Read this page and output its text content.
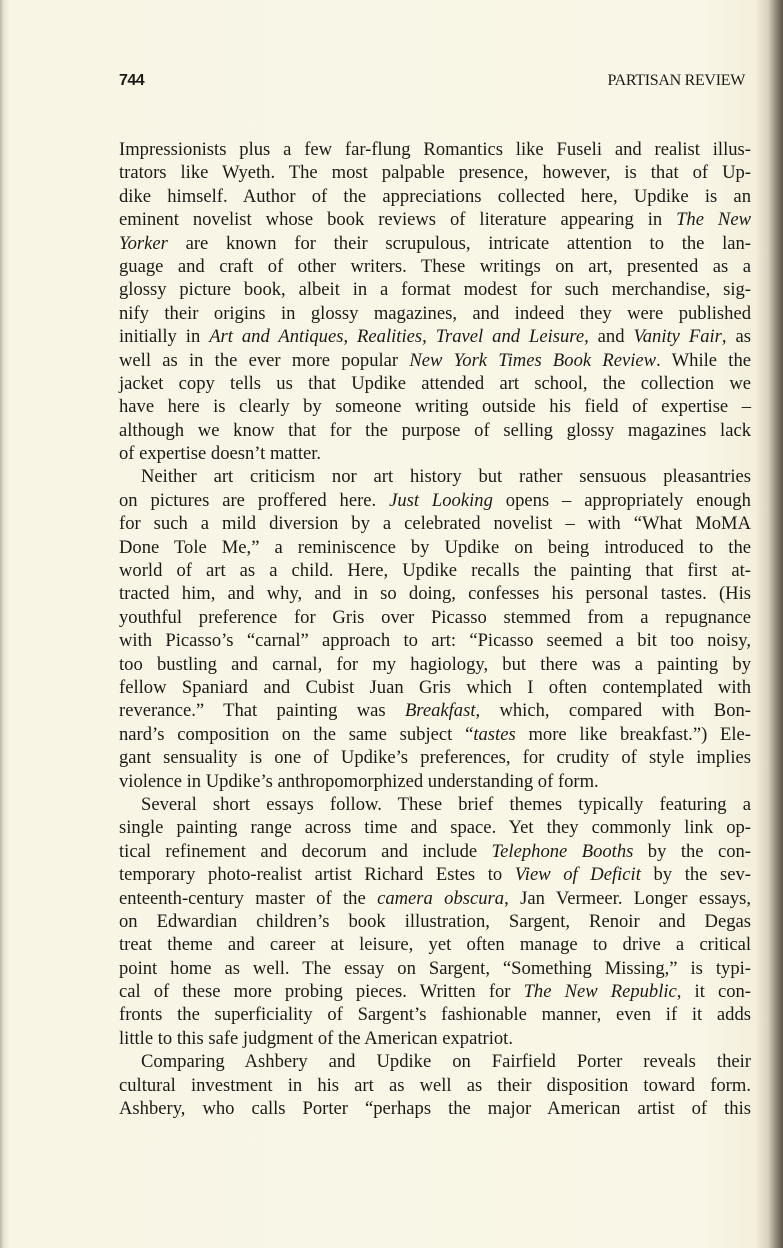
744	PARTISAN REVIEW
Impressionists plus a few far-flung Romantics like Fuseli and realist illus-
trators like Wyeth. The most palpable presence, however, is that of Up-
dike himself. Author of the appreciations collected here, Updike is an
eminent novelist whose book reviews of literature appearing in The New
Yorker are known for their scrupulous, intricate attention to the lan-
guage and craft of other writers. These writings on art, presented as a
glossy picture book, albeit in a format modest for such merchandise, sig-
nify their origins in glossy magazines, and indeed they were published
initially in Art and Antiques, Realities, Travel and Leisure, and Vanity Fair, as
well as in the ever more popular New York Times Book Review. While the
jacket copy tells us that Updike attended art school, the collection we
have here is clearly by someone writing outside his field of expertise –
although we know that for the purpose of selling glossy magazines lack
of expertise doesn’t matter.
Neither art criticism nor art history but rather sensuous pleasantries
on pictures are proffered here. Just Looking opens – appropriately enough
for such a mild diversion by a celebrated novelist – with “What MoMA
Done Tole Me,” a reminiscence by Updike on being introduced to the
world of art as a child. Here, Updike recalls the painting that first at-
tracted him, and why, and in so doing, confesses his personal tastes. (His
youthful preference for Gris over Picasso stemmed from a repugnance
with Picasso’s “carnal” approach to art: “Picasso seemed a bit too noisy,
too bustling and carnal, for my hagiology, but there was a painting by
fellow Spaniard and Cubist Juan Gris which I often contemplated with
reverance.” That painting was Breakfast, which, compared with Bon-
nard’s composition on the same subject “tastes more like breakfast.”) Ele-
gant sensuality is one of Updike’s preferences, for crudity of style implies
violence in Updike’s anthropomorphized understanding of form.
Several short essays follow. These brief themes typically featuring a
single painting range across time and space. Yet they commonly link op-
tical refinement and decorum and include Telephone Booths by the con-
temporary photo-realist artist Richard Estes to View of Deficit by the sev-
enteenth-century master of the camera obscura, Jan Vermeer. Longer essays,
on Edwardian children’s book illustration, Sargent, Renoir and Degas
treat theme and career at leisure, yet often manage to drive a critical
point home as well. The essay on Sargent, “Something Missing,” is typi-
cal of these more probing pieces. Written for The New Republic, it con-
fronts the superficiality of Sargent’s fashionable manner, even if it adds
little to this safe judgment of the American expatriot.
Comparing Ashbery and Updike on Fairfield Porter reveals their
cultural investment in his art as well as their disposition toward form.
Ashbery, who calls Porter “perhaps the major American artist of this
